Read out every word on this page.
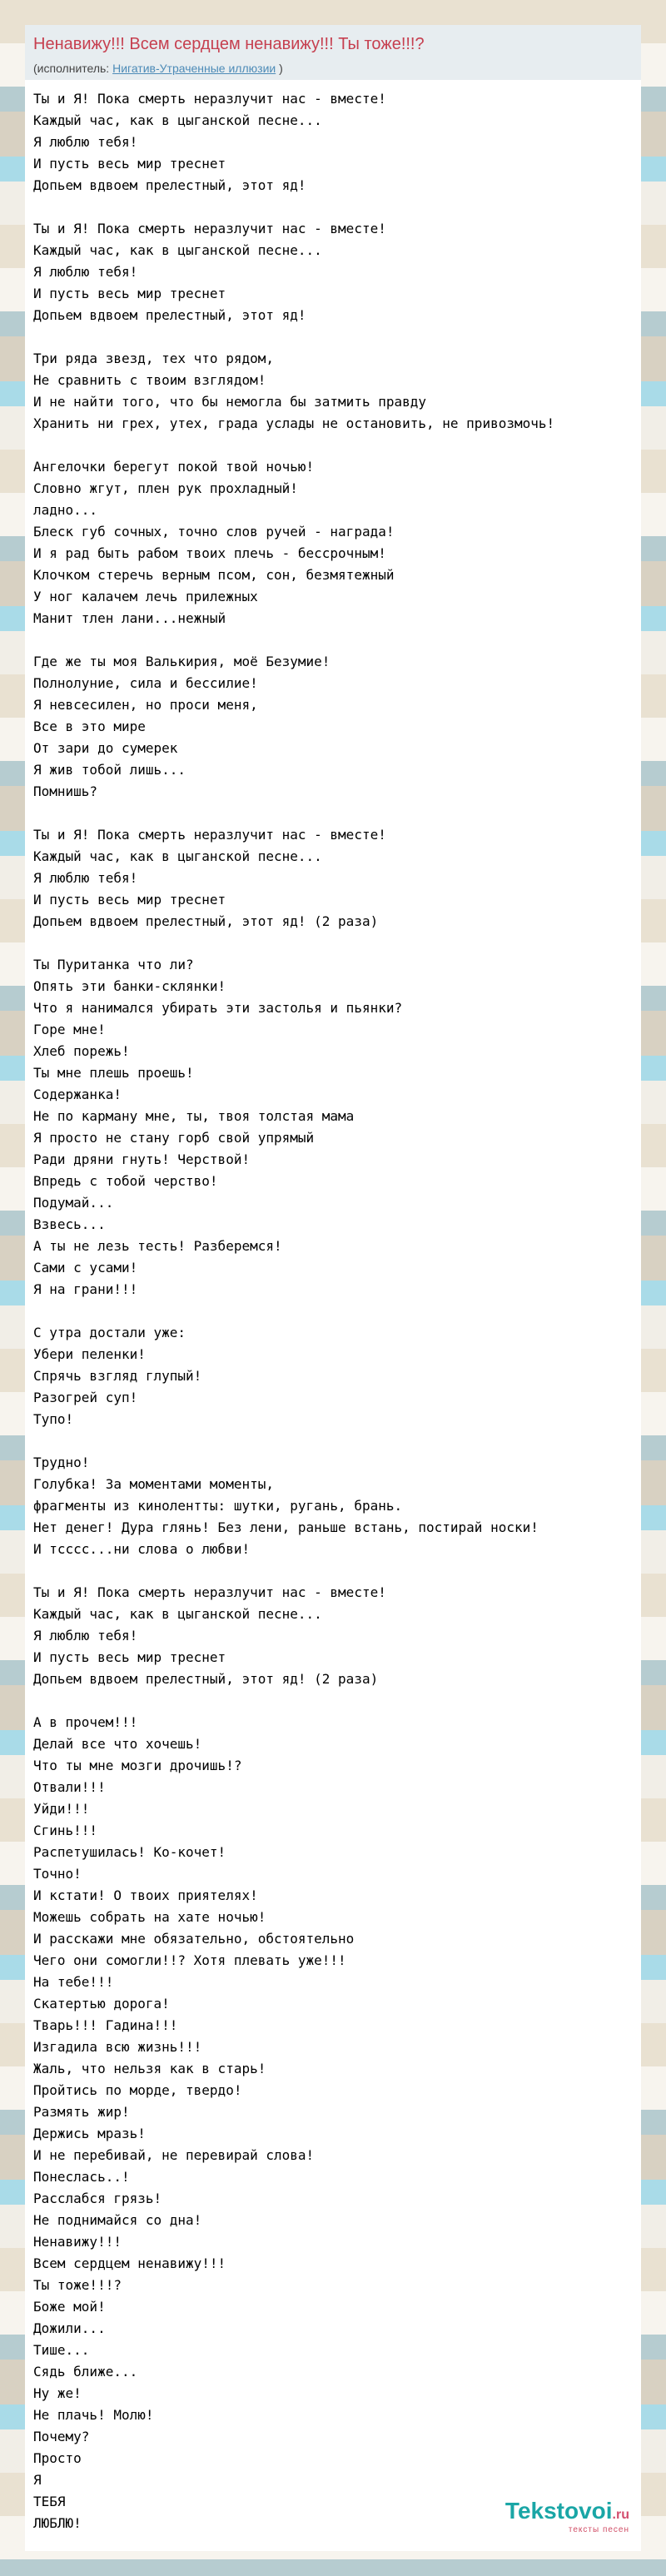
Ненавижу!!! Всем сердцем ненавижу!!! Ты тоже!!!?
(исполнитель: Нигатив-Утраченные иллюзии )
Ты и Я! Пока смерть неразлучит нас - вместе!
Каждый час, как в цыганской песне...
Я люблю тебя!
И пусть весь мир треснет
Допьем вдвоем прелестный, этот яд!

Ты и Я! Пока смерть неразлучит нас - вместе!
Каждый час, как в цыганской песне...
Я люблю тебя!
И пусть весь мир треснет
Допьем вдвоем прелестный, этот яд!

Три ряда звезд, тех что рядом,
Не сравнить с твоим взглядом!
И не найти того, что бы немогла бы затмить правду
Хранить ни грех, утех, града услады не остановить, не привозмочь!

Ангелочки берегут покой твой ночью!
Словно жгут, плен рук прохладный!
ладно...
Блеск губ сочных, точно слов ручей - награда!
И я рад быть рабом твоих плечь - бессрочным!
Клочком стеречь верным псом, сон, безмятежный
У ног калачем лечь прилежных
Манит тлен лани...нежный

Где же ты моя Валькирия, моё Безумие!
Полнолуние, сила и бессилие!
Я невсесилен, но проси меня,
Все в это мире
От зари до сумерек
Я жив тобой лишь...
Помнишь?

Ты и Я! Пока смерть неразлучит нас - вместе!
Каждый час, как в цыганской песне...
Я люблю тебя!
И пусть весь мир треснет
Допьем вдвоем прелестный, этот яд! (2 раза)

Ты Пуританка что ли?
Опять эти банки-склянки!
Что я нанимался убирать эти застолья и пьянки?
Горе мне!
Хлеб порежь!
Ты мне плешь проешь!
Содержанка!
Не по карману мне, ты, твоя толстая мама
Я просто не стану горб свой упрямый
Ради дряни гнуть! Черствой!
Впредь с тобой черство!
Подумай...
Взвесь...
А ты не лезь тесть! Разберемся!
Сами с усами!
Я на грани!!!

С утра достали уже:
Убери пеленки!
Спрячь взгляд глупый!
Разогрей суп!
Тупо!

Трудно!
Голубка! За моментами моменты,
фрагменты из кинолентты: шутки, ругань, брань.
Нет денег! Дура глянь! Без лени, раньше встань, постирай носки!
И тсссс...ни слова о любви!

Ты и Я! Пока смерть неразлучит нас - вместе!
Каждый час, как в цыганской песне...
Я люблю тебя!
И пусть весь мир треснет
Допьем вдвоем прелестный, этот яд! (2 раза)

А в прочем!!!
Делай все что хочешь!
Что ты мне мозги дрочишь!?
Отвали!!!
Уйди!!!
Сгинь!!!
Распетушилась! Ко-кочет!
Точно!
И кстати! О твоих приятелях!
Можешь собрать на хате ночью!
И расскажи мне обязательно, обстоятельно
Чего они сомогли!!? Хотя плевать уже!!!
На тебе!!!
Скатертью дорога!
Тварь!!! Гадина!!!
Изгадила всю жизнь!!!
Жаль, что нельзя как в старь!
Пройтись по морде, твердо!
Размять жир!
Держись мразь!
И не перебивай, не перевирай слова!
Понеслась..!
Расслабся грязь!
Не поднимайся со дна!
Ненавижу!!!
Всем сердцем ненавижу!!!
Ты тоже!!!?
Боже мой!
Дожили...
Тише...
Сядь ближе...
Ну же!
Не плачь! Молю!
Почему?
Просто
Я
ТЕБЯ
ЛЮБЛЮ!	Tekstovoi.ru
тексты песен
